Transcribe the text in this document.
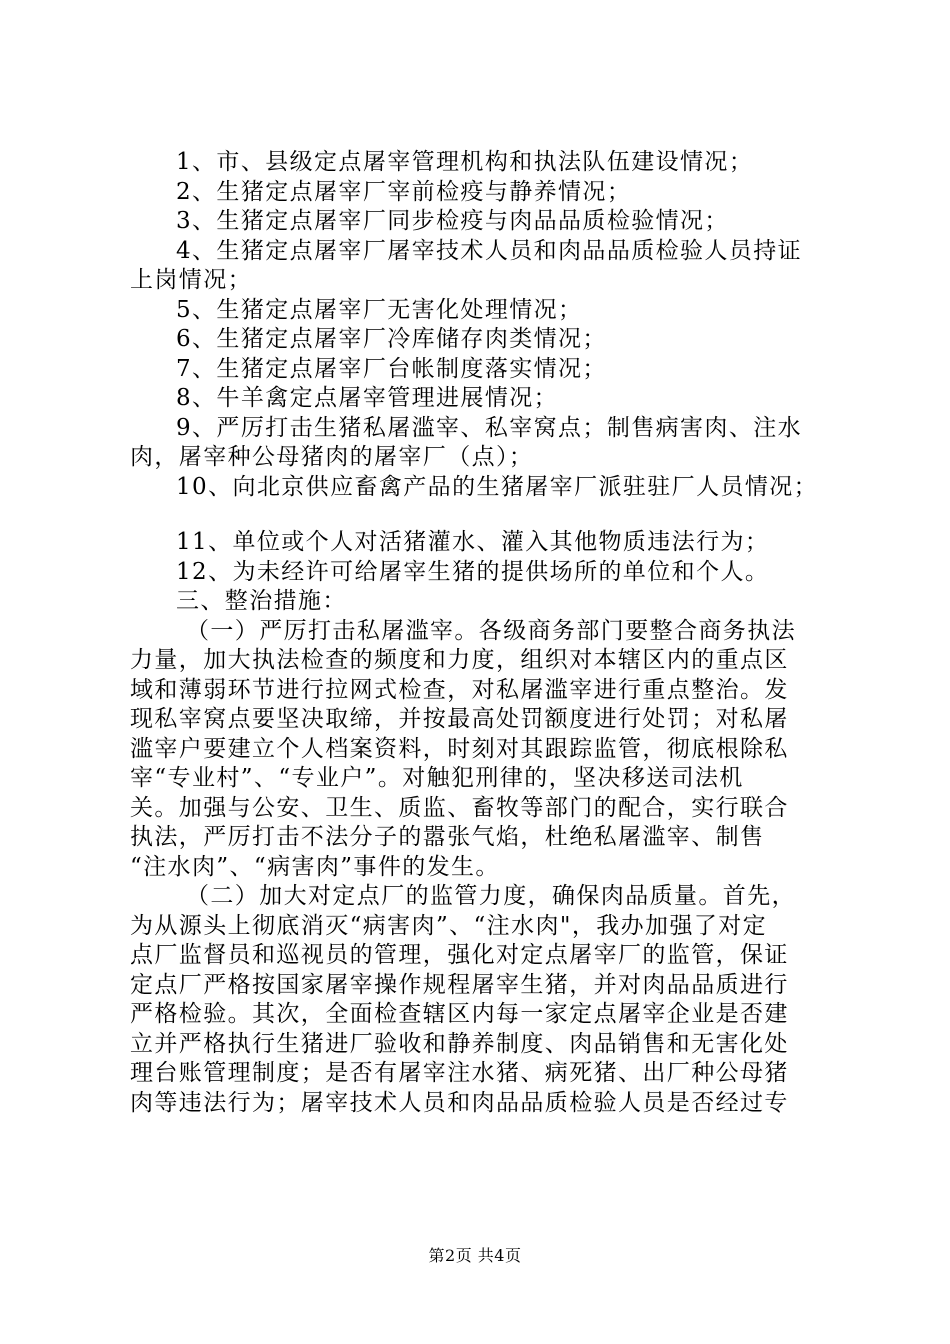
1、市、县级定点屠宰管理机构和执法队伍建设情况；
2、生猪定点屠宰厂宰前检疫与静养情况；
3、生猪定点屠宰厂同步检疫与肉品品质检验情况；
4、生猪定点屠宰厂屠宰技术人员和肉品品质检验人员持证
上岗情况；
5、生猪定点屠宰厂无害化处理情况；
6、生猪定点屠宰厂冷库储存肉类情况；
7、生猪定点屠宰厂台帐制度落实情况；
8、牛羊禽定点屠宰管理进展情况；
9、严厉打击生猪私屠滥宰、私宰窝点；制售病害肉、注水
肉，屠宰种公母猪肉的屠宰厂（点）；
10、向北京供应畜禽产品的生猪屠宰厂派驻驻厂人员情况；
11、单位或个人对活猪灌水、灌入其他物质违法行为；
12、为未经许可给屠宰生猪的提供场所的单位和个人。
三、整治措施：
（一）严厉打击私屠滥宰。各级商务部门要整合商务执法
力量，加大执法检查的频度和力度，组织对本辖区内的重点区
域和薄弱环节进行拉网式检查，对私屠滥宰进行重点整治。发
现私宰窝点要坚决取缔，并按最高处罚额度进行处罚；对私屠
滥宰户要建立个人档案资料，时刻对其跟踪监管，彻底根除私
宰“专业村”、“专业户”。对触犯刑律的，坚决移送司法机
关。加强与公安、卫生、质监、畜牧等部门的配合，实行联合
执法，严厉打击不法分子的嚣张气焰，杜绝私屠滥宰、制售
“注水肉”、“病害肉”事件的发生。
（二）加大对定点厂的监管力度，确保肉品质量。首先，
为从源头上彻底消灭“病害肉”、“注水肉"，我办加强了对定
点厂监督员和巡视员的管理，强化对定点屠宰厂的监管，保证
定点厂严格按国家屠宰操作规程屠宰生猪，并对肉品品质进行
严格检验。其次，全面检查辖区内每一家定点屠宰企业是否建
立并严格执行生猪进厂验收和静养制度、肉品销售和无害化处
理台账管理制度；是否有屠宰注水猪、病死猪、出厂种公母猪
肉等违法行为；屠宰技术人员和肉品品质检验人员是否经过专
第2页 共4页
